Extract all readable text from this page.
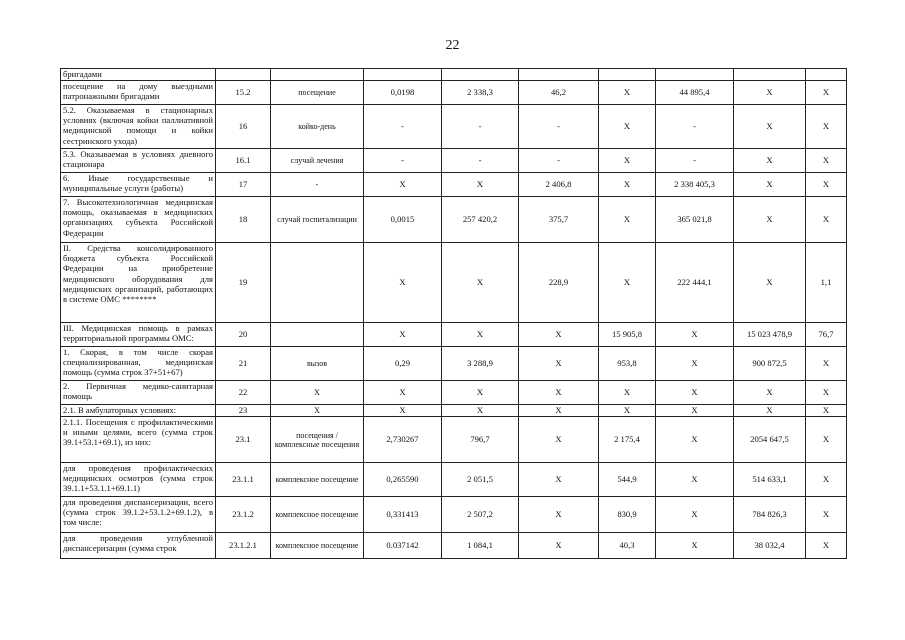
22
бригадами									
посещение на дому выездными патронажными бригадами	15.2	посещение	0,0198	2 338,3	46,2	X	44 895,4	X	X
5.2. Оказываемая в стационарных условиях (включая койки паллиативной медицинской помощи и койки сестринского ухода)	16	койко-день	-	-	-	X	-	X	X
5.3. Оказываемая в условиях дневного стационара	16.1	случай лечения	-	-	-	X	-	X	X
6. Иные государственные и муниципальные услуги (работы)	17	-	X	X	2 406,8	X	2 338 405,3	X	X
7. Высокотехнологичная медицинская помощь, оказываемая в медицинских организациях субъекта Российской Федерации	18	случай госпитализации	0,0015	257 420,2	375,7	X	365 021,8	X	X
II. Средства консолидированного бюджета субъекта Российской Федерации на приобретение медицинского оборудования для медицинских организаций, работающих в системе ОМС ********	19		X	X	228,9	X	222 444,1	X	1,1
III. Медицинская помощь в рамках территориальной программы ОМС:	20		X	X	X	15 905,8	X	15 023 478,9	76,7
1. Скорая, в том числе скорая специализированная, медицинская помощь (сумма строк 37+51+67)	21	вызов	0,29	3 288,9	X	953,8	X	900 872,5	X
2. Первичная медико-санитарная помощь	22	X	X	X	X	X	X	X	X
2.1. В амбулаторных условиях:	23	X	X	X	X	X	X	X	X
2.1.1. Посещения с профилактическими и иными целями, всего (сумма строк 39.1+53.1+69.1), из них:	23.1	посещения / комплексные посещения	2,730267	796,7	X	2 175,4	X	2054 647,5	X
для проведения профилактических медицинских осмотров (сумма строк 39.1.1+53.1.1+69.1.1)	23.1.1	комплексное посещение	0,265590	2 051,5	X	544,9	X	514 633,1	X
для проведения диспансеризации, всего (сумма строк 39.1.2+53.1.2+69.1.2), в том числе:	23.1.2	комплексное посещение	0,331413	2 507,2	X	830,9	X	784 826,3	X
для проведения углубленной диспансеризации (сумма строк	23.1.2.1	комплексное посещение	0.037142	1 084,1	X	40,3	X	38 032,4	X
